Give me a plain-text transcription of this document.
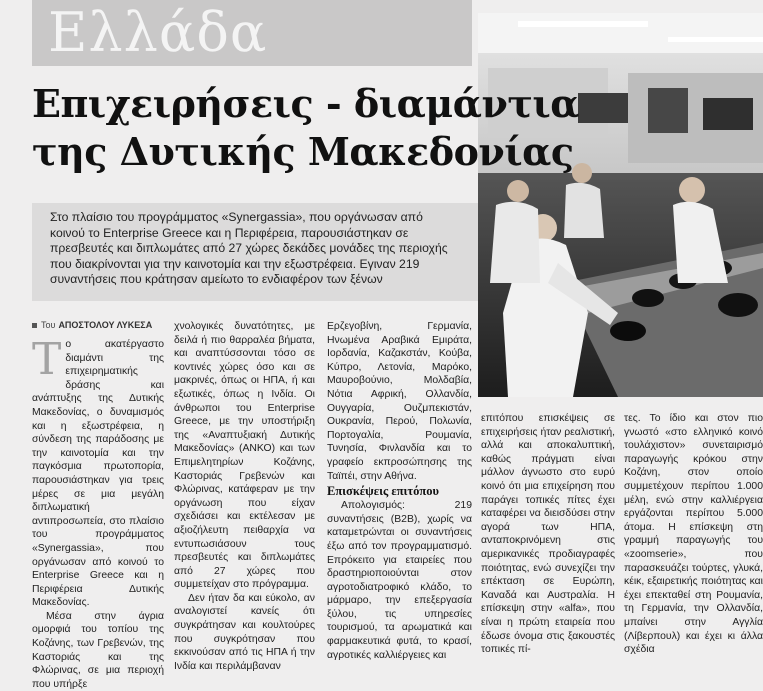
Ελλάδα
Επιχειρήσεις - διαμάντια
της Δυτικής Μακεδονίας
Στο πλαίσιο του προγράμματος «Synergassia», που οργάνωσαν από κοινού το Enterprise Greece και η Περιφέρεια, παρουσιάστηκαν σε πρεσβευτές και διπλωμάτες από 27 χώρες δεκάδες μονάδες της περιοχής που διακρίνονται για την καινοτομία και την εξωστρέφεια. Εγιναν 219 συναντήσεις που κράτησαν αμείωτο το ενδιαφέρον των ξένων
Του ΑΠΟΣΤΟΛΟΥ ΛΥΚΕΣΑ

Το ακατέργαστο διαμάντι της επιχειρηματικής δράσης και ανάπτυξης της Δυτικής Μακεδονίας, ο δυναμισμός και η εξωστρέφεια, η σύνδεση της παράδοσης με την καινοτομία και την παγκόσμια πρωτοπορία, παρουσιάστηκαν για τρεις μέρες σε μια μεγάλη διπλωματική αντιπροσωπεία, στο πλαίσιο του προγράμματος «Synergassia», που οργάνωσαν από κοινού το Enterprise Greece και η Περιφέρεια Δυτικής Μακεδονίας.

Μέσα στην άγρια ομορφιά του τοπίου της Κοζάνης, των Γρεβενών, της Καστοριάς και της Φλώρινας, σε μια περιοχή που υπήρξε

χνολογικές δυνατότητες, με δειλά ή πιο θαρραλέα βήματα, και αναπτύσσονται τόσο σε κοντινές χώρες όσο και σε μακρινές, όπως οι ΗΠΑ, ή και εξωτικές, όπως η Ινδία. Οι άνθρωποι του Enterprise Greece, με την υποστήριξη της «Αναπτυξιακή Δυτικής Μακεδονίας» (ΑΝΚΟ) και των Επιμελητηρίων Κοζάνης, Καστοριάς Γρεβενών και Φλώρινας, κατάφεραν με την οργάνωση που είχαν σχεδιάσει και εκτέλεσαν με αξιοζήλευτη πειθαρχία να εντυπωσιάσουν τους πρεσβευτές και διπλωμάτες από 27 χώρες που συμμετείχαν στο πρόγραμμα.

Δεν ήταν δα και εύκολο, αν αναλογιστεί κανείς ότι συγκράτησαν και κουλτούρες που συγκρότησαν που εκκινούσαν από τις ΗΠΑ ή την Ινδία και περιλάμβαναν

Ερζεγοβίνη, Γερμανία, Ηνωμένα Αραβικά Εμιράτα, Ιορδανία, Καζακστάν, Κούβα, Κύπρο, Λετονία, Μαρόκο, Μαυροβούνιο, Μολδαβία, Νότια Αφρική, Ολλανδία, Ουγγαρία, Ουζμπεκιστάν, Ουκρανία, Περού, Πολωνία, Πορτογαλία, Ρουμανία, Τυνησία, Φινλανδία και το γραφείο εκπροσώπησης της Ταϊπέι, στην Αθήνα.

Επισκέψεις επιτόπου

Απολογισμός: 219 συναντήσεις (B2B), χωρίς να καταμετρώνται οι συναντήσεις έξω από τον προγραμματισμό. Επρόκειτο για εταιρείες που δραστηριοποιούνται στον αγροτοδιατροφικό κλάδο, το μάρμαρο, την επεξεργασία ξύλου, τις υπηρεσίες τουρισμού, τα αρωματικά και φαρμακευτικά φυτά, το κρασί, αγροτικές καλλιέργειες και

επιτόπου επισκέψεις σε επιχειρήσεις ήταν ρεαλιστική, αλλά και αποκαλυπτική, καθώς πράγματι είναι μάλλον άγνωστο στο ευρύ κοινό ότι μια επιχείρηση που παράγει τοπικές πίτες έχει καταφέρει να διεισδύσει στην αγορά των ΗΠΑ, ανταποκρινόμενη στις αμερικανικές προδιαγραφές ποιότητας, ενώ συνεχίζει την επέκταση σε Ευρώπη, Καναδά και Αυστραλία. Η επίσκεψη στην «alfa», που είναι η πρώτη εταιρεία που έδωσε όνομα στις ξακουστές τοπικές πί-

τες. Το ίδιο και στον πιο γνωστό «στο ελληνικό κοινό τουλάχιστον» συνεταιρισμό παραγωγής κρόκου στην Κοζάνη, στον οποίο συμμετέχουν περίπου 1.000 μέλη, ενώ στην καλλιέργεια εργάζονται περίπου 5.000 άτομα. Η επίσκεψη στη γραμμή παραγωγής του «zoomserie», που παρασκευάζει τούρτες, γλυκά, κέικ, εξαιρετικής ποιότητας και έχει επεκταθεί στη Ρουμανία, τη Γερμανία, την Ολλανδία, μπαίνει στην Αγγλία (Λίβερπουλ) και έχει κι άλλα σχέδια
